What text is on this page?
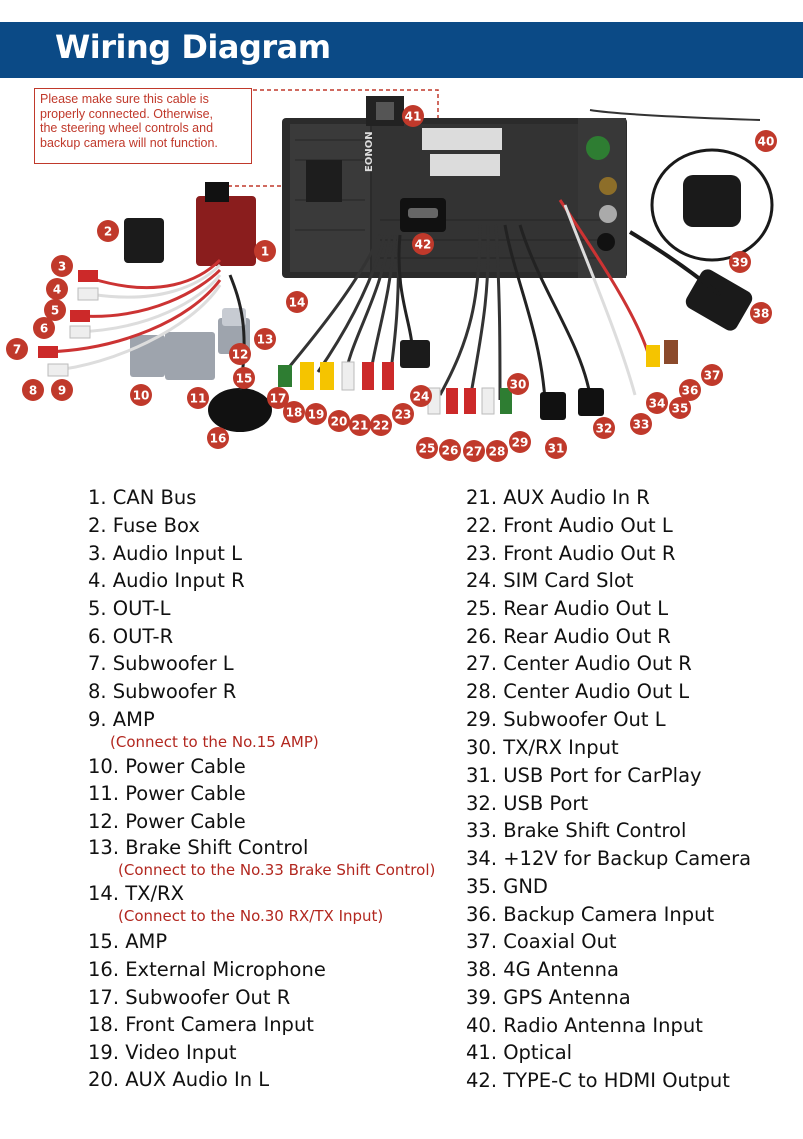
Wiring Diagram
EONON
1
2
3
4
5
6
7
8 9	10	11
12
13
14
15
16
17
18 19 20 21 22
23
24
25 26 27 28
29
30
31
32 33
34 35
36
37
38
39
40
41
42
Please make sure this cable is
properly connected. Otherwise,
the steering wheel controls and
backup camera will not function.
1. CAN Bus
2. Fuse Box
3. Audio Input L
4. Audio Input R
5. OUT-L
6. OUT-R
7. Subwoofer L
8. Subwoofer R
9. AMP
(Connect to the No.15 AMP)
10. Power Cable
11. Power Cable
12. Power Cable
13. Brake Shift Control
(Connect to the No.33 Brake Shift Control)
14. TX/RX
(Connect to the No.30 RX/TX Input)
15. AMP
16. External Microphone
17. Subwoofer Out R
18. Front Camera Input
19. Video Input
20. AUX Audio In L
21. AUX Audio In R
22. Front Audio Out L
23. Front Audio Out R
24. SIM Card Slot
25. Rear Audio Out L
26. Rear Audio Out R
27. Center Audio Out R
28. Center Audio Out L
29. Subwoofer Out L
30. TX/RX Input
31. USB Port for CarPlay
32. USB Port
33. Brake Shift Control
34. +12V for Backup Camera
35. GND
36. Backup Camera Input
37. Coaxial Out
38. 4G Antenna
39. GPS Antenna
40. Radio Antenna Input
41. Optical
42. TYPE-C to HDMI Output
